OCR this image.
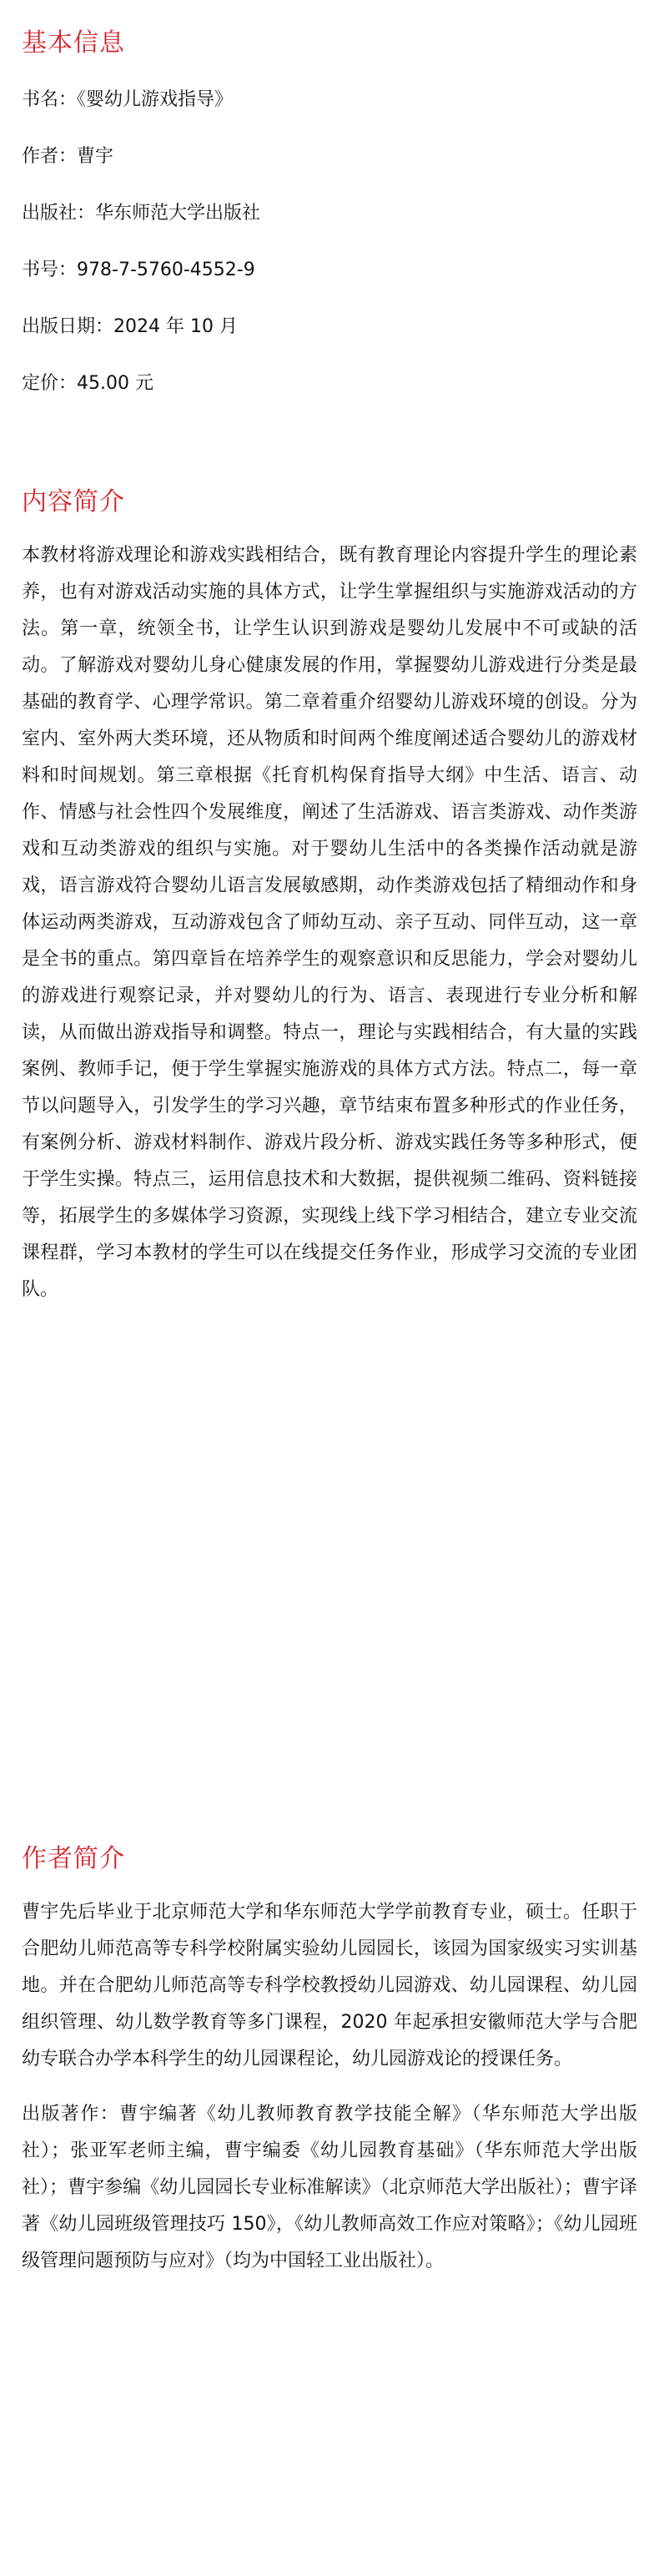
基本信息
书名：《婴幼儿游戏指导》
作者：曹宇
出版社：华东师范大学出版社
书号：978-7-5760-4552-9
出版日期：2024 年 10 月
定价：45.00 元
内容简介

本教材将游戏理论和游戏实践相结合，既有教育理论内容提升学生的理论素养，也有对游戏活动实施的具体方式，让学生掌握组织与实施游戏活动的方法。第一章，统领全书，让学生认识到游戏是婴幼儿发展中不可或缺的活动。了解游戏对婴幼儿身心健康发展的作用，掌握婴幼儿游戏进行分类是最基础的教育学、心理学常识。第二章着重介绍婴幼儿游戏环境的创设。分为室内、室外两大类环境，还从物质和时间两个维度阐述适合婴幼儿的游戏材料和时间规划。第三章根据《托育机构保育指导大纲》中生活、语言、动作、情感与社会性四个发展维度，阐述了生活游戏、语言类游戏、动作类游戏和互动类游戏的组织与实施。对于婴幼儿生活中的各类操作活动就是游戏，语言游戏符合婴幼儿语言发展敏感期，动作类游戏包括了精细动作和身体运动两类游戏，互动游戏包含了师幼互动、亲子互动、同伴互动，这一章是全书的重点。第四章旨在培养学生的观察意识和反思能力，学会对婴幼儿的游戏进行观察记录，并对婴幼儿的行为、语言、表现进行专业分析和解读，从而做出游戏指导和调整。特点一，理论与实践相结合，有大量的实践案例、教师手记，便于学生掌握实施游戏的具体方式方法。特点二，每一章节以问题导入，引发学生的学习兴趣，章节结束布置多种形式的作业任务，有案例分析、游戏材料制作、游戏片段分析、游戏实践任务等多种形式，便于学生实操。特点三，运用信息技术和大数据，提供视频二维码、资料链接等，拓展学生的多媒体学习资源，实现线上线下学习相结合，建立专业交流课程群，学习本教材的学生可以在线提交任务作业，形成学习交流的专业团队。

作者简介

曹宇先后毕业于北京师范大学和华东师范大学学前教育专业，硕士。任职于合肥幼儿师范高等专科学校附属实验幼儿园园长，该园为国家级实习实训基地。并在合肥幼儿师范高等专科学校教授幼儿园游戏、幼儿园课程、幼儿园组织管理、幼儿数学教育等多门课程，2020 年起承担安徽师范大学与合肥幼专联合办学本科学生的幼儿园课程论，幼儿园游戏论的授课任务。

出版著作：曹宇编著《幼儿教师教育教学技能全解》（华东师范大学出版社）；张亚军老师主编，曹宇编委《幼儿园教育基础》（华东师范大学出版社）；曹宇参编《幼儿园园长专业标准解读》（北京师范大学出版社）；曹宇译著《幼儿园班级管理技巧 150》，《幼儿教师高效工作应对策略》；《幼儿园班级管理问题预防与应对》（均为中国轻工业出版社）。
